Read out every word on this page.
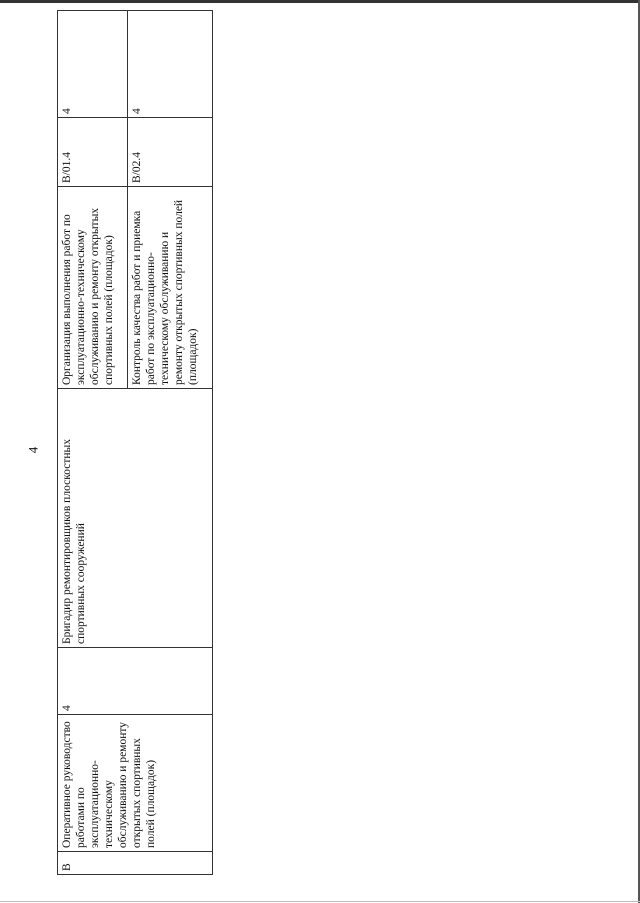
4
В	Оперативное руководство работами по эксплуатационно-техническому обслуживанию и ремонту открытых спортивных полей (площадок)	4	Бригадир ремонтировщиков плоскостных спортивных сооружений	Организация выполнения работ по эксплуатационно-техническому обслуживанию и ремонту открытых спортивных полей (площадок)	B/01.4	4
				Контроль качества работ и приемка работ по эксплуатационно-техническому обслуживанию и ремонту открытых спортивных полей (площадок)	B/02.4	4
